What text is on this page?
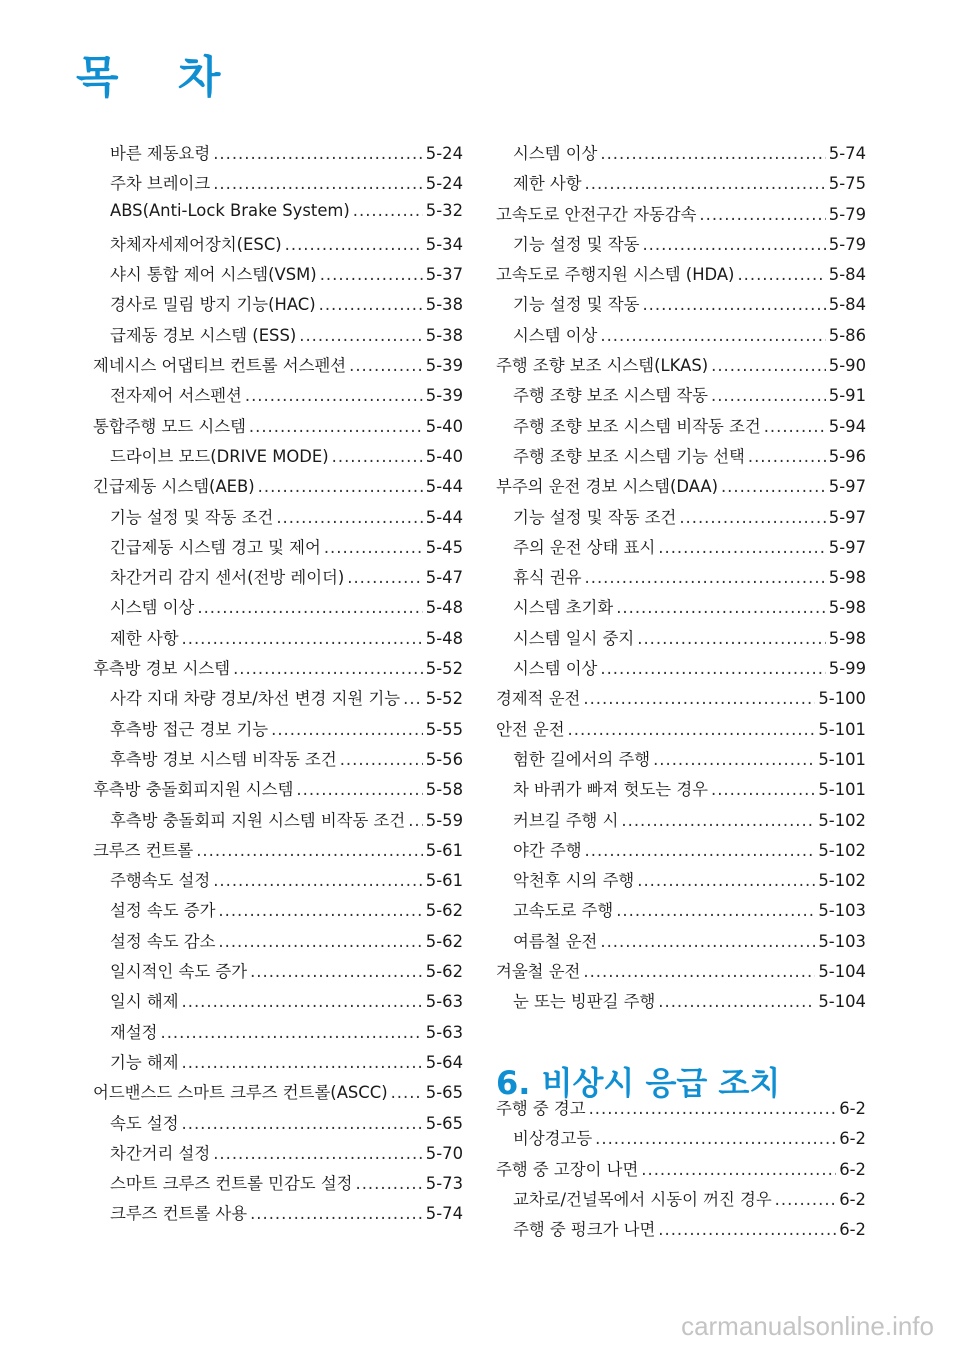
목 차
바른 제동요령 .....	5-24
주차 브레이크 .....	5-24
ABS(Anti-Lock Brake System) .....	5-32
차체자세제어장치(ESC) .....	5-34
샤시 통합 제어 시스템(VSM) .....	5-37
경사로 밀림 방지 기능(HAC) .....	5-38
급제동 경보 시스템 (ESS) .....	5-38
제네시스 어댑티브 컨트롤 서스펜션 .....	5-39
전자제어 서스펜션 .....	5-39
통합주행 모드 시스템 .....	5-40
드라이브 모드(DRIVE MODE) .....	5-40
긴급제동 시스템(AEB) .....	5-44
기능 설정 및 작동 조건 .....	5-44
긴급제동 시스템 경고 및 제어 .....	5-45
차간거리 감지 센서(전방 레이더) .....	5-47
시스템 이상 .....	5-48
제한 사항 .....	5-48
후측방 경보 시스템 .....	5-52
사각 지대 차량 경보/차선 변경 지원 기능 ..... 5-52
후측방 접근 경보 기능 .....	5-55
후측방 경보 시스템 비작동 조건 .....	5-56
후측방 충돌회피지원 시스템 .....	5-58
후측방 충돌회피 지원 시스템 비작동 조건 ..... 5-59
크루즈 컨트롤 .....	5-61
주행속도 설정 .....	5-61
설정 속도 증가 .....	5-62
설정 속도 감소 .....	5-62
일시적인 속도 증가 .....	5-62
일시 해제 .....	5-63
재설정 .....	5-63
기능 해제 .....	5-64
어드밴스드 스마트 크루즈 컨트롤(ASCC) ..... 5-65
속도 설정 .....	5-65
차간거리 설정 .....	5-70
스마트 크루즈 컨트롤 민감도 설정 .....	5-73
크루즈 컨트롤 사용 .....	5-74
시스템 이상 .....	5-74
제한 사항 .....	5-75
고속도로 안전구간 자동감속 .....	5-79
기능 설정 및 작동 .....	5-79
고속도로 주행지원 시스템 (HDA) .....	5-84
기능 설정 및 작동 .....	5-84
시스템 이상 .....	5-86
주행 조향 보조 시스템(LKAS) .....	5-90
주행 조향 보조 시스템 작동 .....	5-91
주행 조향 보조 시스템 비작동 조건 .....	5-94
주행 조향 보조 시스템 기능 선택 .....	5-96
부주의 운전 경보 시스템(DAA) .....	5-97
기능 설정 및 작동 조건 .....	5-97
주의 운전 상태 표시 .....	5-97
휴식 권유 .....	5-98
시스템 초기화 .....	5-98
시스템 일시 중지 .....	5-98
시스템 이상 .....	5-99
경제적 운전 .....	5-100
안전 운전 .....	5-101
험한 길에서의 주행 .....	5-101
차 바퀴가 빠져 헛도는 경우 .....	5-101
커브길 주행 시 .....	5-102
야간 주행 .....	5-102
악천후 시의 주행 .....	5-102
고속도로 주행 .....	5-103
여름철 운전 .....	5-103
겨울철 운전 .....	5-104
눈 또는 빙판길 주행 .....	5-104
6. 비상시 응급 조치
주행 중 경고 .....	6-2
비상경고등 .....	6-2
주행 중 고장이 나면 .....	6-2
교차로/건널목에서 시동이 꺼진 경우 .....	6-2
주행 중 펑크가 나면 .....	6-2
carmanualsonline.info
